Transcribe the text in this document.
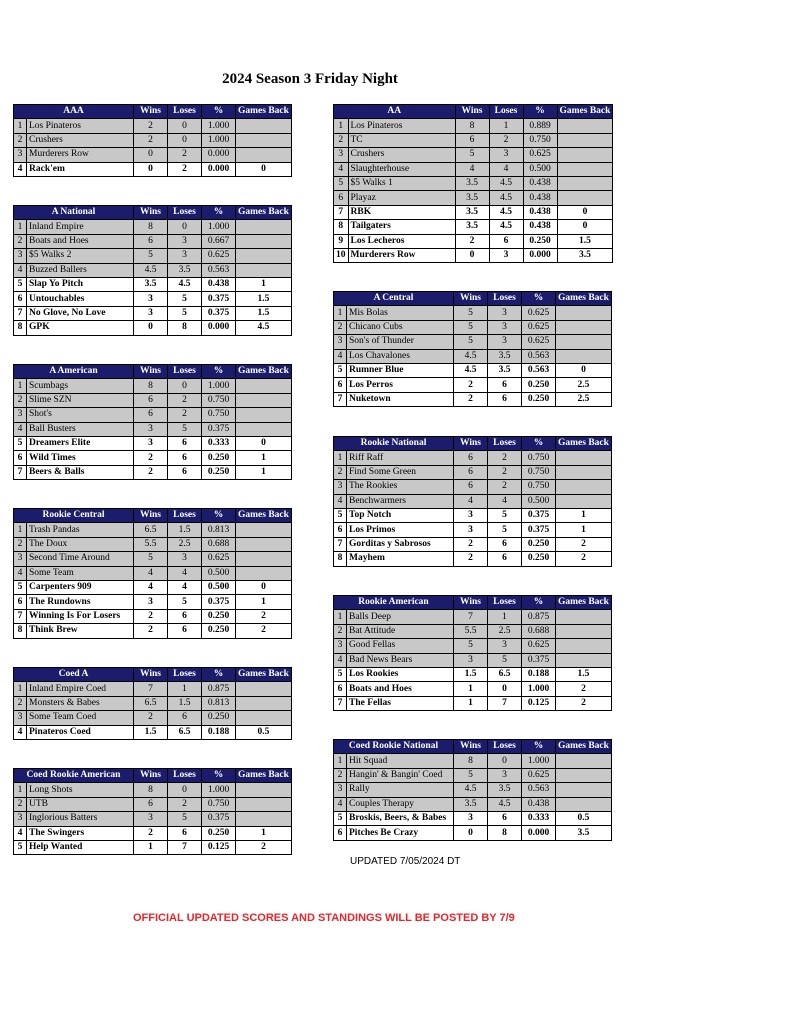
2024 Season 3 Friday Night
AAA		Wins	Loses	%	Games Back
1	Los Pinateros	2	0	1.000	
2	Crushers	2	0	1.000	
3	Murderers Row	0	2	0.000	
4	Rack'em	0	2	0.000	0
AA		Wins	Loses	%	Games Back
1	Los Pinateros	8	1	0.889	
2	TC	6	2	0.750	
3	Crushers	5	3	0.625	
4	Slaughterhouse	4	4	0.500	
5	$5 Walks 1	3.5	4.5	0.438	
6	Playaz	3.5	4.5	0.438	
7	RBK	3.5	4.5	0.438	0
8	Tailgaters	3.5	4.5	0.438	0
9	Los Lecheros	2	6	0.250	1.5
10	Murderers Row	0	3	0.000	3.5
A National		Wins	Loses	%	Games Back
1	Inland Empire	8	0	1.000	
2	Boats and Hoes	6	3	0.667	
3	$5 Walks 2	5	3	0.625	
4	Buzzed Ballers	4.5	3.5	0.563	
5	Slap Yo Pitch	3.5	4.5	0.438	1
6	Untouchables	3	5	0.375	1.5
7	No Glove, No Love	3	5	0.375	1.5
8	GPK	0	8	0.000	4.5
A Central		Wins	Loses	%	Games Back
1	Mis Bolas	5	3	0.625	
2	Chicano Cubs	5	3	0.625	
3	Son's of Thunder	5	3	0.625	
4	Los Chavalones	4.5	3.5	0.563	
5	Rumner Blue	4.5	3.5	0.563	0
6	Los Perros	2	6	0.250	2.5
7	Nuketown	2	6	0.250	2.5
A American		Wins	Loses	%	Games Back
1	Scumbags	8	0	1.000	
2	Slime SZN	6	2	0.750	
3	Shot's	6	2	0.750	
4	Ball Busters	3	5	0.375	
5	Dreamers Elite	3	6	0.333	0
6	Wild Times	2	6	0.250	1
7	Beers & Balls	2	6	0.250	1
Rookie National		Wins	Loses	%	Games Back
1	Riff Raff	6	2	0.750	
2	Find Some Green	6	2	0.750	
3	The Rookies	6	2	0.750	
4	Benchwarmers	4	4	0.500	
5	Top Notch	3	5	0.375	1
6	Los Primos	3	5	0.375	1
7	Gorditas y Sabrosos	2	6	0.250	2
8	Mayhem	2	6	0.250	2
Rookie Central		Wins	Loses	%	Games Back
1	Trash Pandas	6.5	1.5	0.813	
2	The Doux	5.5	2.5	0.688	
3	Second Time Around	5	3	0.625	
4	Some Team	4	4	0.500	
5	Carpenters 909	4	4	0.500	0
6	The Rundowns	3	5	0.375	1
7	Winning Is For Losers	2	6	0.250	2
8	Think Brew	2	6	0.250	2
Rookie American		Wins	Loses	%	Games Back
1	Balls Deep	7	1	0.875	
2	Bat Attitude	5.5	2.5	0.688	
3	Good Fellas	5	3	0.625	
4	Bad News Bears	3	5	0.375	
5	Los Rookies	1.5	6.5	0.188	1.5
6	Boats and Hoes	1	0	1.000	2
7	The Fellas	1	7	0.125	2
Coed A		Wins	Loses	%	Games Back
1	Inland Empire Coed	7	1	0.875	
2	Monsters & Babes	6.5	1.5	0.813	
3	Some Team Coed	2	6	0.250	
4	Pinateros Coed	1.5	6.5	0.188	0.5
Coed Rookie National		Wins	Loses	%	Games Back
1	Hit Squad	8	0	1.000	
2	Hangin' & Bangin' Coed	5	3	0.625	
3	Rally	4.5	3.5	0.563	
4	Couples Therapy	3.5	4.5	0.438	
5	Broskis, Beers, & Babes	3	6	0.333	0.5
6	Pitches Be Crazy	0	8	0.000	3.5
Coed Rookie American		Wins	Loses	%	Games Back
1	Long Shots	8	0	1.000	
2	UTB	6	2	0.750	
3	Inglorious Batters	3	5	0.375	
4	The Swingers	2	6	0.250	1
5	Help Wanted	1	7	0.125	2
UPDATED 7/05/2024 DT
OFFICIAL UPDATED SCORES AND STANDINGS WILL BE POSTED BY 7/9
